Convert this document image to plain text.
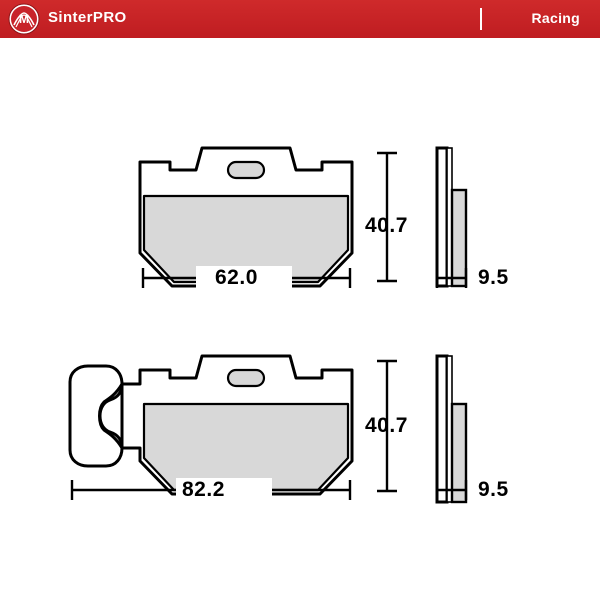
M SinterPRO	Racing
40.7
62.0	9.5
40.7
82.2	9.5
